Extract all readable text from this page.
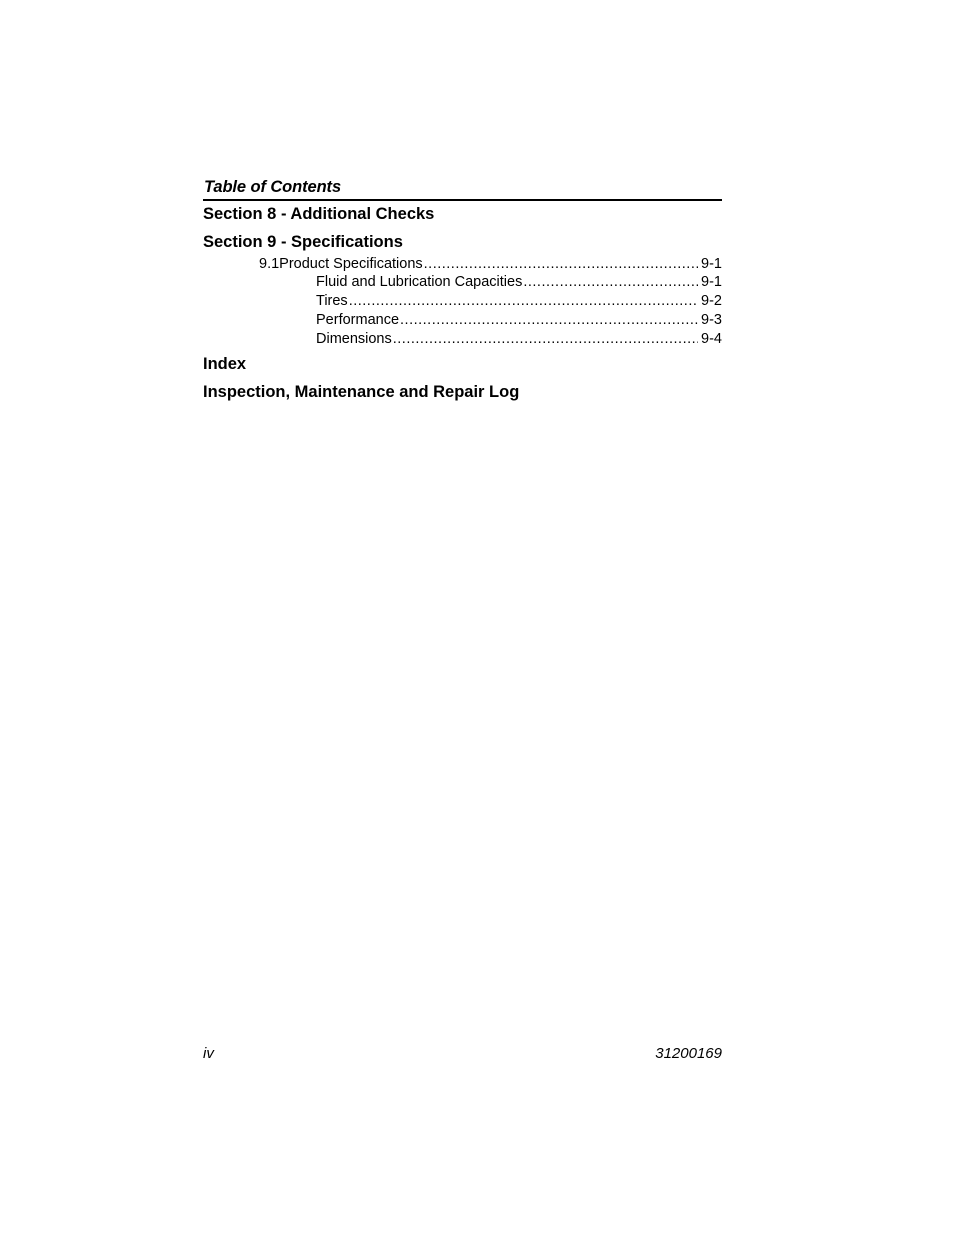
Table of Contents
Section 8 - Additional Checks
Section 9 - Specifications
9.1 Product Specifications .....	9-1
Fluid and Lubrication Capacities .....	9-1
Tires .....	9-2
Performance .....	9-3
Dimensions .....	9-4
Index
Inspection, Maintenance and Repair Log
iv	31200169
